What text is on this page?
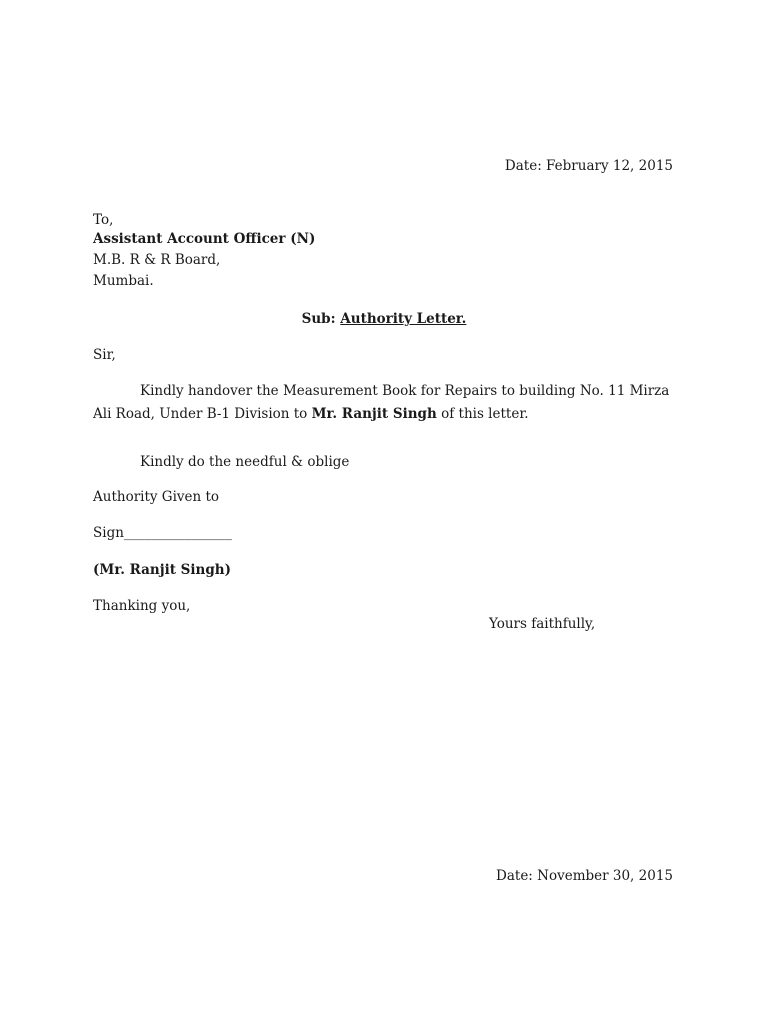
Date: February 12, 2015
To,
Assistant Account Officer (N)
M.B. R & R Board,
Mumbai.
Sub: Authority Letter.
Sir,
Kindly handover the Measurement Book for Repairs to building No. 11 Mirza
Ali Road, Under B-1 Division to Mr. Ranjit Singh of this letter.
Kindly do the needful & oblige
Authority Given to
Sign________________
(Mr. Ranjit Singh)
Thanking you,
Yours faithfully,
Date: November 30, 2015
